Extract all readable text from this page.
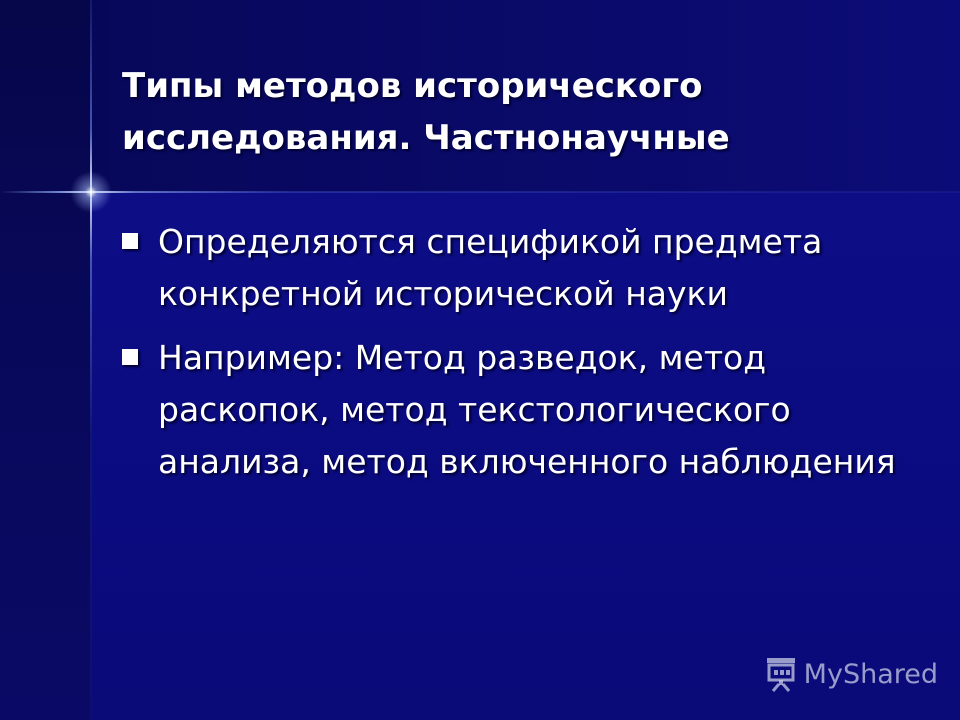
Типы методов исторического исследования. Частнонаучные
Определяются спецификой предмета конкретной исторической науки
Например: Метод разведок, метод раскопок, метод текстологического анализа, метод включенного наблюдения
MyShared
